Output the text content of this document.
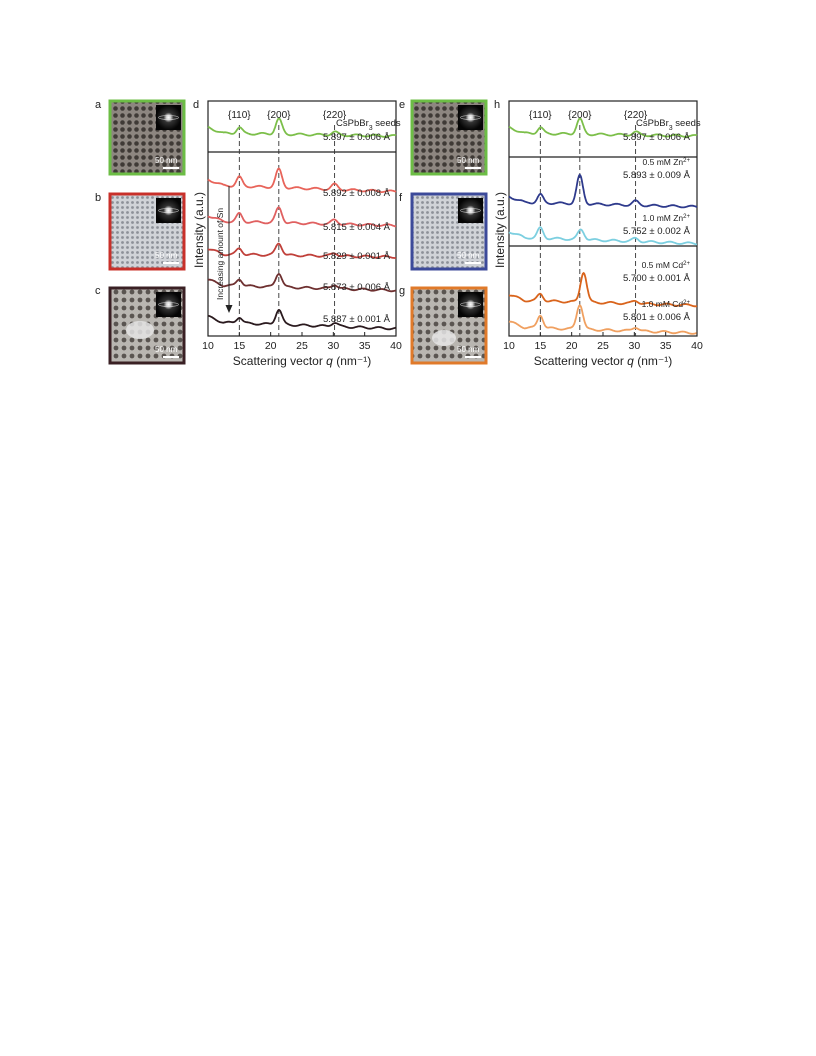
a
50 nm
b
50 nm
c
50 nm
e
50 nm
f
50 nm
g
50 nm
d
10 15 20 25 30 35 40
{110} {200}	{220}
CsPbBr$_3$ seeds
5.897 ± 0.006 Å
5.892 ± 0.008 Å
5.815 ± 0.004 Å
5.829 ± 0.001 Å
5.873 ± 0.006 Å
5.887 ± 0.001 Å
Increasing amount of Sn
Intensity (a.u.)
Scattering vector q (nm⁻¹)
h
10 15 20 25 30 35 40
{110} {200}	{220}
CsPbBr$_3$ seeds
5.897 ± 0.006 Å
0.5 mM $Zn^{2+}$
5.893 ± 0.009 Å
1.0 mM $Zn^{2+}$
5.752 ± 0.002 Å
0.5 mM $Cd^{2+}$
5.700 ± 0.001 Å
1.0 mM $Cd^{2+}$
5.801 ± 0.006 Å
Intensity (a.u.)
Scattering vector q (nm⁻¹)
